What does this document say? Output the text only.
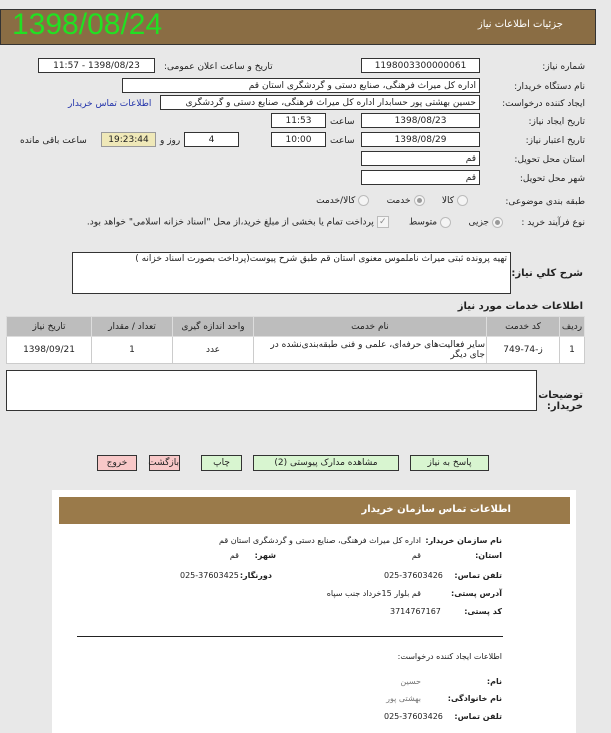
جزئیات اطلاعات نیاز
1398/08/24
شماره نیاز:
1198003300000061
تاریخ و ساعت اعلان عمومی:
1398/08/23 - 11:57
نام دستگاه خریدار:
اداره کل میراث فرهنگی، صنایع دستی و گردشگری استان قم
ایجاد کننده درخواست:
حسین بهشتی پور حسابدار اداره کل میراث فرهنگی، صنایع دستی و گردشگری
اطلاعات تماس خریدار
تاریخ ایجاد نیاز:
1398/08/23
ساعت
11:53
تاریخ اعتبار نیاز:
1398/08/29
ساعت
10:00
4
روز و
19:23:44
ساعت باقی مانده
استان محل تحویل:
قم
شهر محل تحویل:
قم
طبقه بندی موضوعی:
کالا     خدمت     کالا/خدمت
نوع فرآیند خرید :
جزیی     متوسط       ✓ پرداخت تمام یا بخشی از مبلغ خرید،از محل "اسناد خزانه اسلامی" خواهد بود.
تهیه پرونده ثبتی میراث ناملموس معنوی استان قم طبق شرح پیوست(پرداخت بصورت اسناد خزانه )
شرح کلي نياز:
اطلاعات خدمات مورد نیاز
ردیف	کد خدمت	نام خدمت	واحد اندازه گیری	تعداد / مقدار	تاریخ نیاز
1	ز-74-749	سایر فعالیت‌های حرفه‌ای، علمی و فنی طبقه‌بندی‌نشده در جای دیگر	عدد	1	1398/09/21
توضیحات خریدار:
پاسخ به نیاز
مشاهده مدارک پیوستی (2)
چاپ
بازگشت
خروج
اطلاعات تماس سازمان خریدار
نام سازمان خریدار:
اداره کل میراث فرهنگی، صنایع دستی و گردشگری استان قم
استان:
قم
شهر:
قم
تلفن تماس:
025-37603426
دورنگار:
025-37603425
آدرس پستی:
قم بلوار 15خرداد جنب سپاه
کد پستی:
3714767167
اطلاعات ایجاد کننده درخواست:
نام:
حسین
نام خانوادگی:
بهشتی پور
تلفن تماس:
025-37603426
